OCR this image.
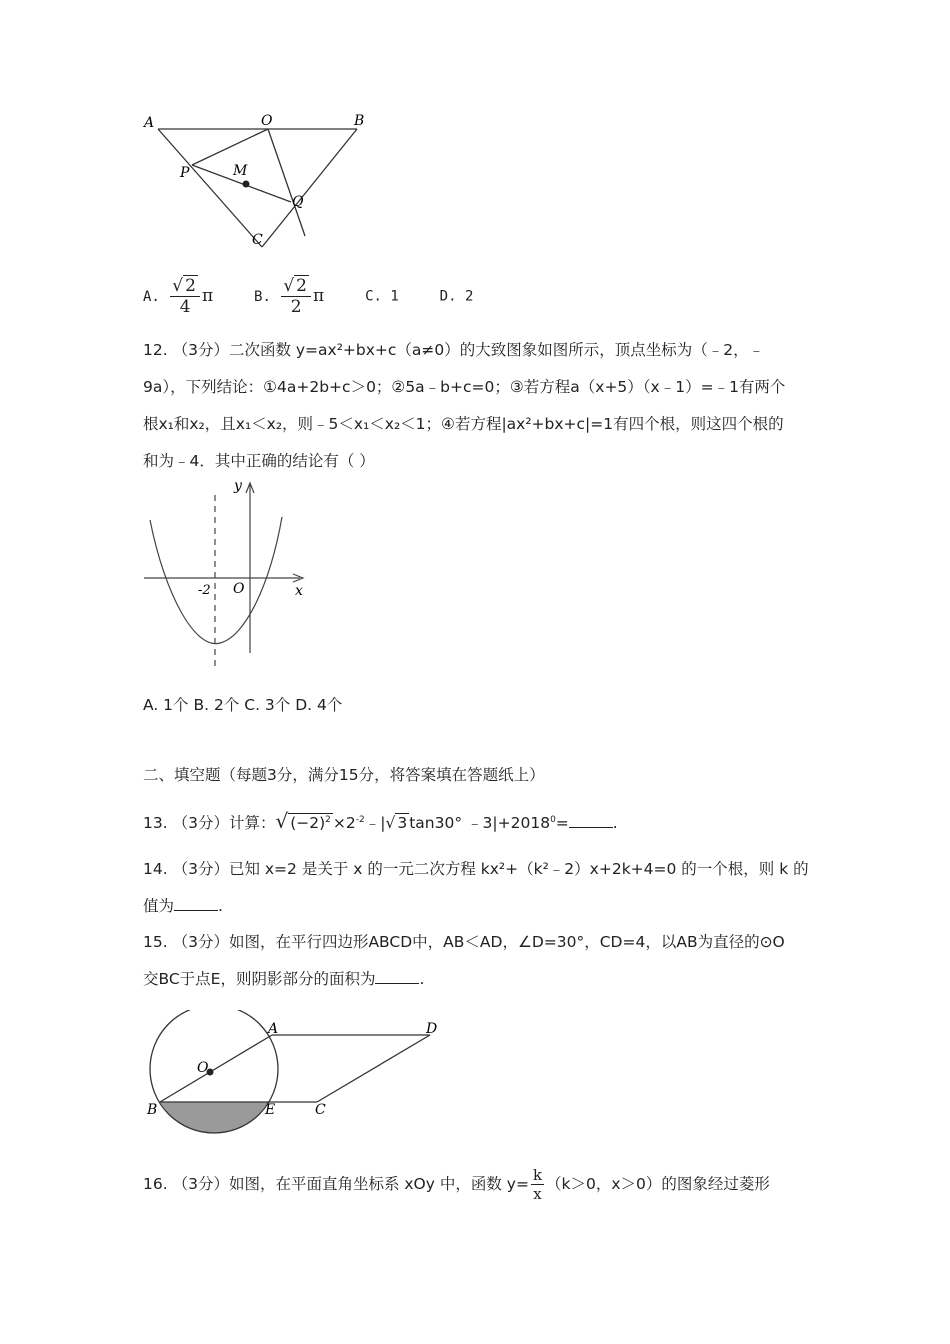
A	O	B
P	M
Q
C
A. $\frac{√ 2}{4}$ π	B. $\frac{√ 2}{2}$ π	C. 1	D. 2
12. （3分）二次函数 y=ax²+bx+c（a≠0）的大致图象如图所示，顶点坐标为（﹣2，﹣
9a），下列结论：①4a+2b+c＞0；②5a﹣b+c=0；③若方程a（x+5）（x﹣1）=﹣1有两个
根x₁和x₂，且x₁＜x₂，则﹣5＜x₁＜x₂＜1；④若方程|ax²+bx+c|=1有四个根，则这四个根的
和为﹣4．其中正确的结论有（ ）
y
x
O
-2
A. 1个 B. 2个 C. 3个 D. 4个
二、填空题（每题3分，满分15分，将答案填在答题纸上）
13. （3分）计算：√ $(-2)^2$ $\times 2^{-2}﹣|√$ 3 tan30° $﹣3|+2018^0=$	.
14. （3分）已知 x=2 是关于 x 的一元二次方程 kx²+（k²﹣2）x+2k+4=0 的一个根，则 k 的
值为	.
15. （3分）如图，在平行四边形ABCD中，AB＜AD，∠D=30°，CD=4，以AB为直径的⊙O
交BC于点E，则阴影部分的面积为	.
A	D
O
B	E	C
16. （3分）如图，在平面直角坐标系 xOy 中，函数 $y= \frac{k}{x} (k>0$，x＞0）的图象经过菱形
